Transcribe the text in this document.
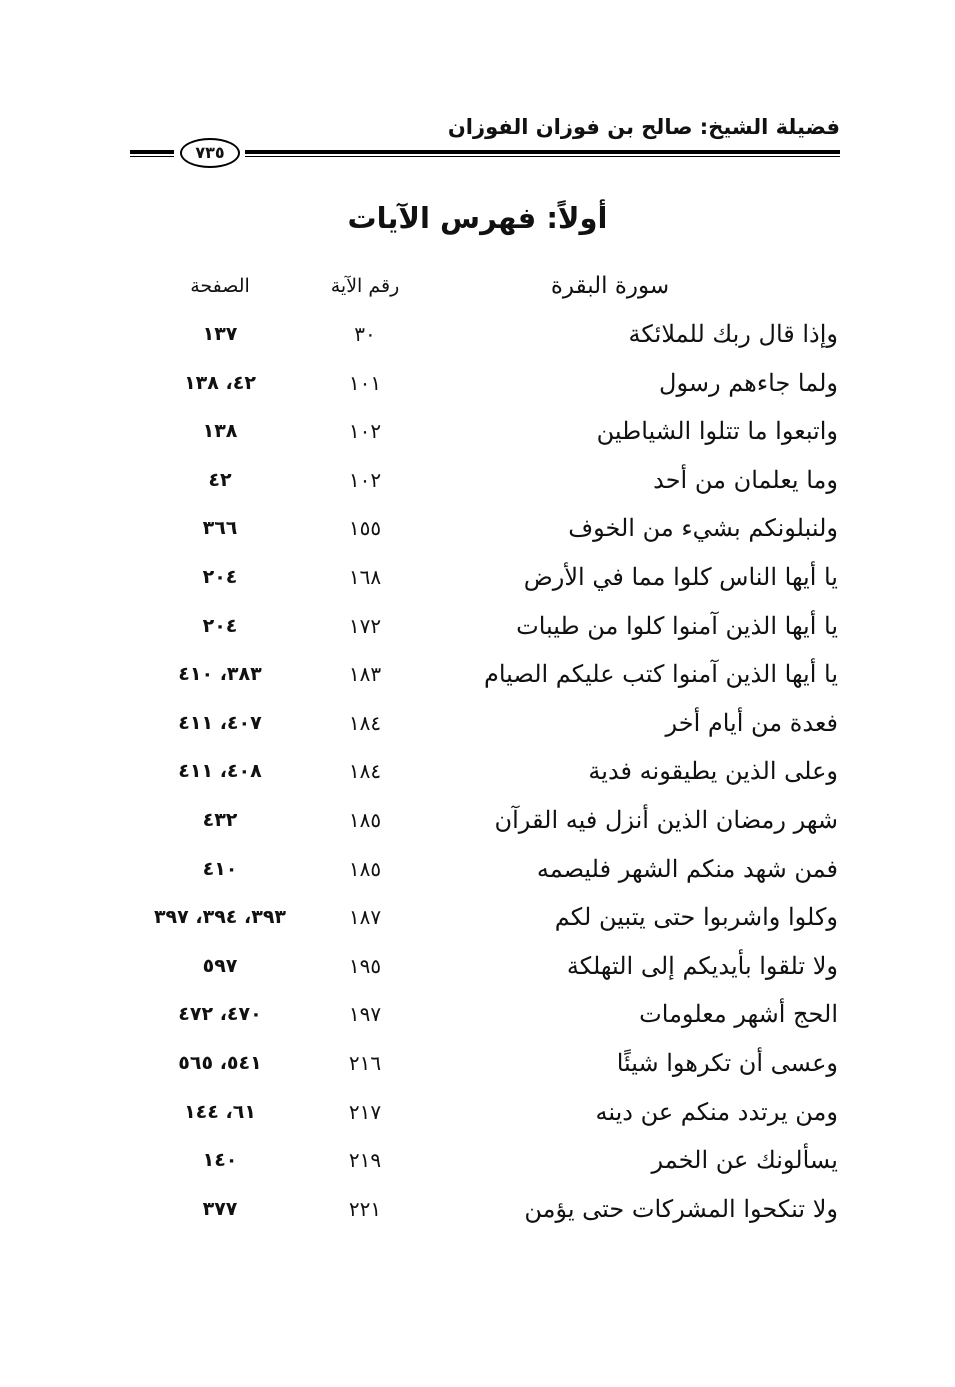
فضيلة الشيخ: صالح بن فوزان الفوزان
٧٣٥
أولاً: فهرس الآيات
سورة البقرة
رقم الآية
الصفحة
وإذا قال ربك للملائكة
٣٠
١٣٧
ولما جاءهم رسول
١٠١
٤٢، ١٣٨
واتبعوا ما تتلوا الشياطين
١٠٢
١٣٨
وما يعلمان من أحد
١٠٢
٤٢
ولنبلونكم بشيء من الخوف
١٥٥
٣٦٦
يا أيها الناس كلوا مما في الأرض
١٦٨
٢٠٤
يا أيها الذين آمنوا كلوا من طيبات
١٧٢
٢٠٤
يا أيها الذين آمنوا كتب عليكم الصيام
١٨٣
٣٨٣، ٤١٠
فعدة من أيام أخر
١٨٤
٤٠٧، ٤١١
وعلى الذين يطيقونه فدية
١٨٤
٤٠٨، ٤١١
شهر رمضان الذين أنزل فيه القرآن
١٨٥
٤٣٢
فمن شهد منكم الشهر فليصمه
١٨٥
٤١٠
وكلوا واشربوا حتى يتبين لكم
١٨٧
٣٩٣، ٣٩٤، ٣٩٧
ولا تلقوا بأيديكم إلى التهلكة
١٩٥
٥٩٧
الحج أشهر معلومات
١٩٧
٤٧٠، ٤٧٢
وعسى أن تكرهوا شيئًا
٢١٦
٥٤١، ٥٦٥
ومن يرتدد منكم عن دينه
٢١٧
٦١، ١٤٤
يسألونك عن الخمر
٢١٩
١٤٠
ولا تنكحوا المشركات حتى يؤمن
٢٢١
٣٧٧
